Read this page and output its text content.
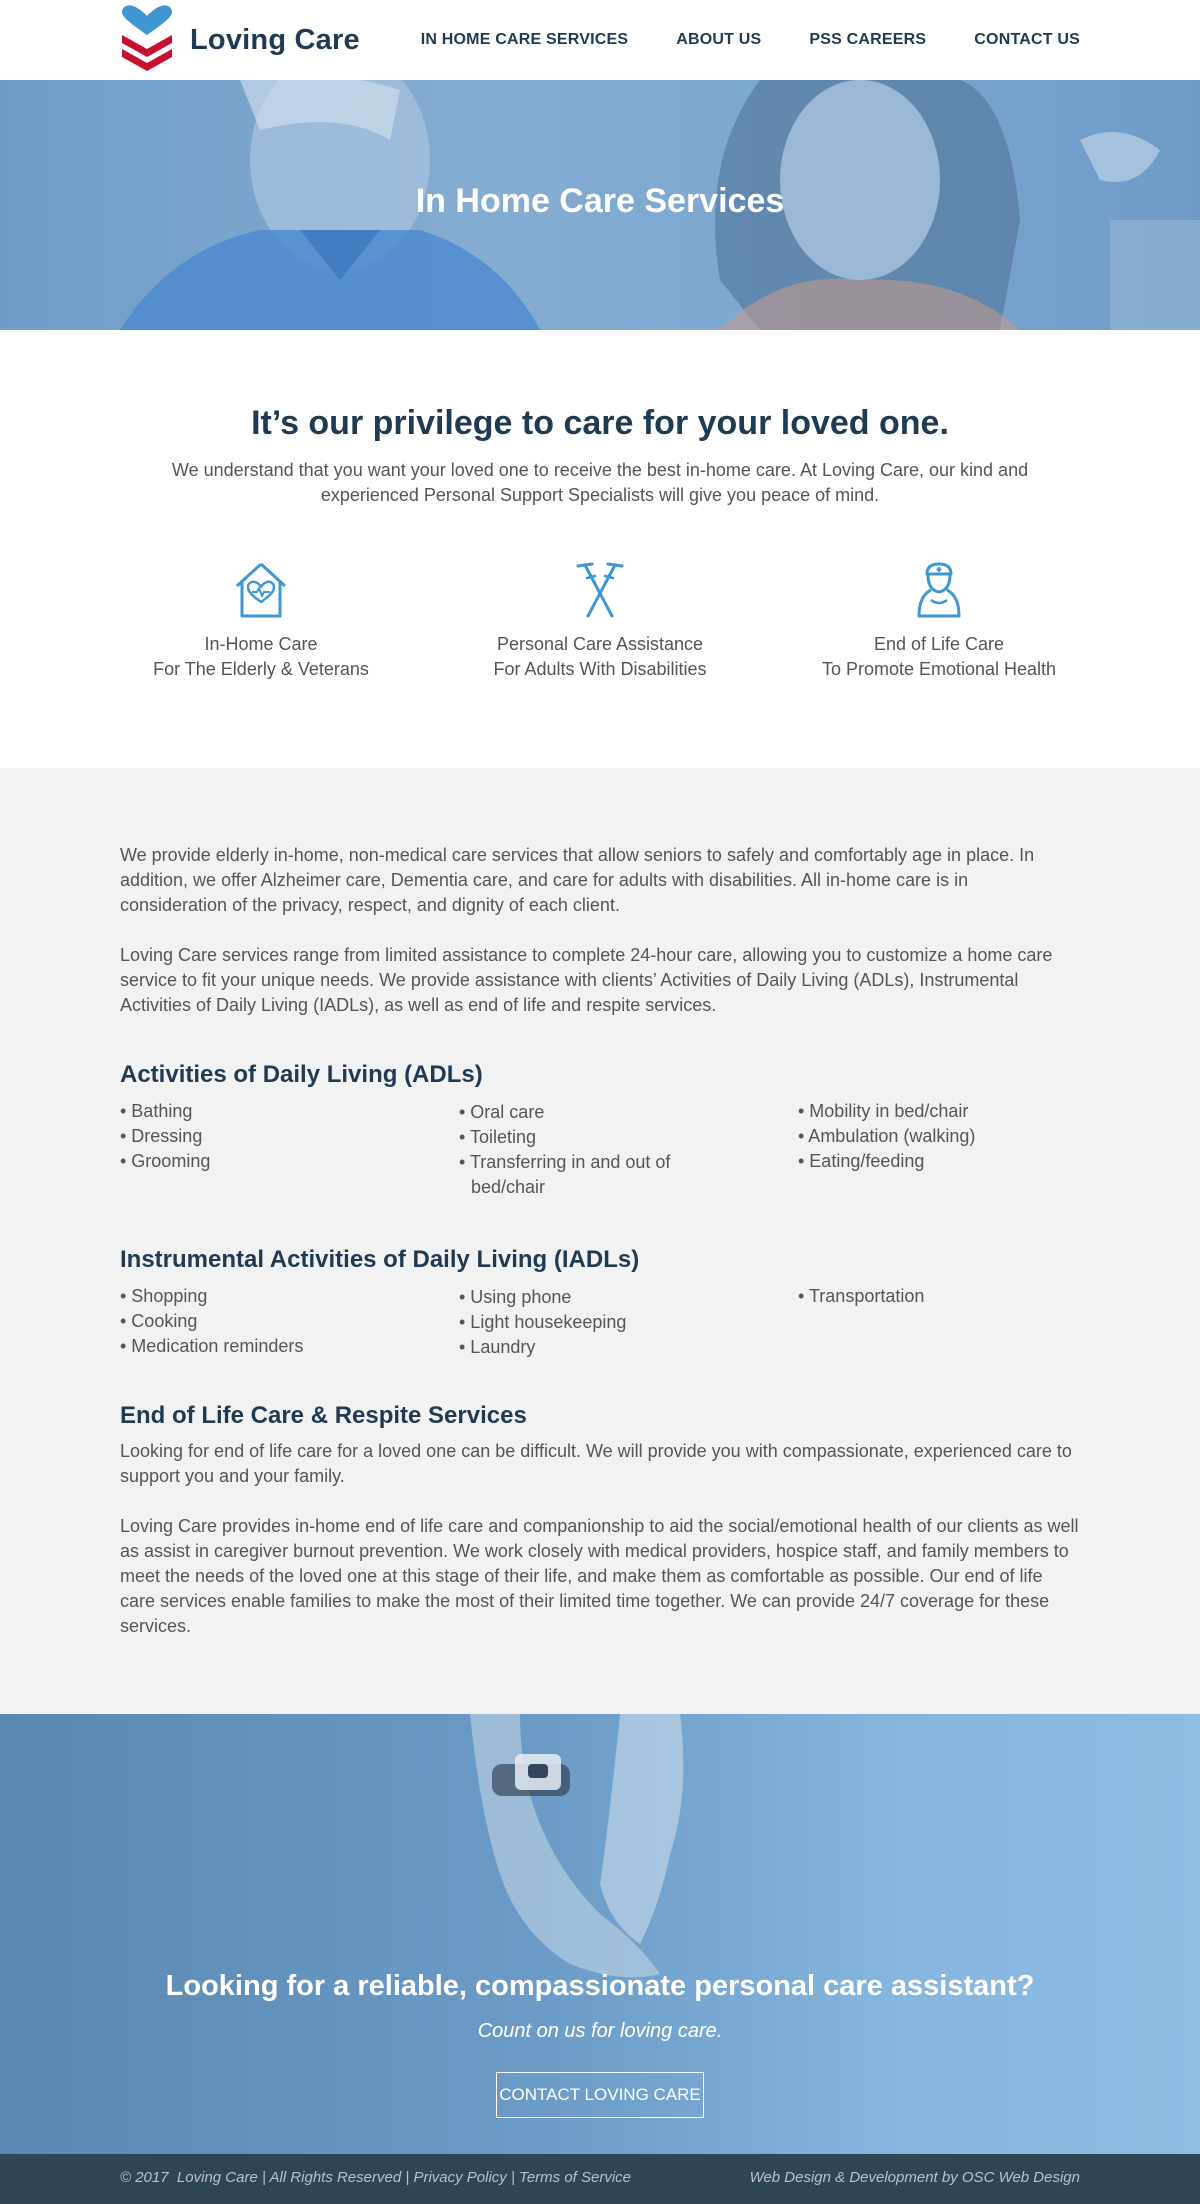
Loving Care	IN HOME CARE SERVICES	ABOUT US	PSS CAREERS	CONTACT US
In Home Care Services
It’s our privilege to care for your loved one.

We understand that you want your loved one to receive the best in-home care. At Loving Care, our kind and experienced Personal Support Specialists will give you peace of mind.

In-Home Care
For The Elderly & Veterans
Personal Care Assistance
For Adults With Disabilities
End of Life Care
To Promote Emotional Health

We provide elderly in-home, non-medical care services that allow seniors to safely and comfortably age in place. In addition, we offer Alzheimer care, Dementia care, and care for adults with disabilities. All in-home care is in consideration of the privacy, respect, and dignity of each client.

Loving Care services range from limited assistance to complete 24-hour care, allowing you to customize a home care service to fit your unique needs. We provide assistance with clients’ Activities of Daily Living (ADLs), Instrumental Activities of Daily Living (IADLs), as well as end of life and respite services.

Activities of Daily Living (ADLs)
• Bathing
• Dressing
• Grooming
• Oral care
• Toileting
• Transferring in and out of bed/chair
• Mobility in bed/chair
• Ambulation (walking)
• Eating/feeding
Instrumental Activities of Daily Living (IADLs)
• Shopping
• Cooking
• Medication reminders
• Using phone
• Light housekeeping
• Laundry
• Transportation
End of Life Care & Respite Services

Looking for end of life care for a loved one can be difficult. We will provide you with compassionate, experienced care to support you and your family.

Loving Care provides in-home end of life care and companionship to aid the social/emotional health of our clients as well as assist in caregiver burnout prevention. We work closely with medical providers, hospice staff, and family members to meet the needs of the loved one at this stage of their life, and make them as comfortable as possible. Our end of life care services enable families to make the most of their limited time together. We can provide 24/7 coverage for these services.

Looking for a reliable, compassionate personal care assistant?
Count on us for loving care.
CONTACT LOVING CARE
© 2017  Loving Care | All Rights Reserved | Privacy Policy | Terms of Service	Web Design & Development by OSC Web Design
